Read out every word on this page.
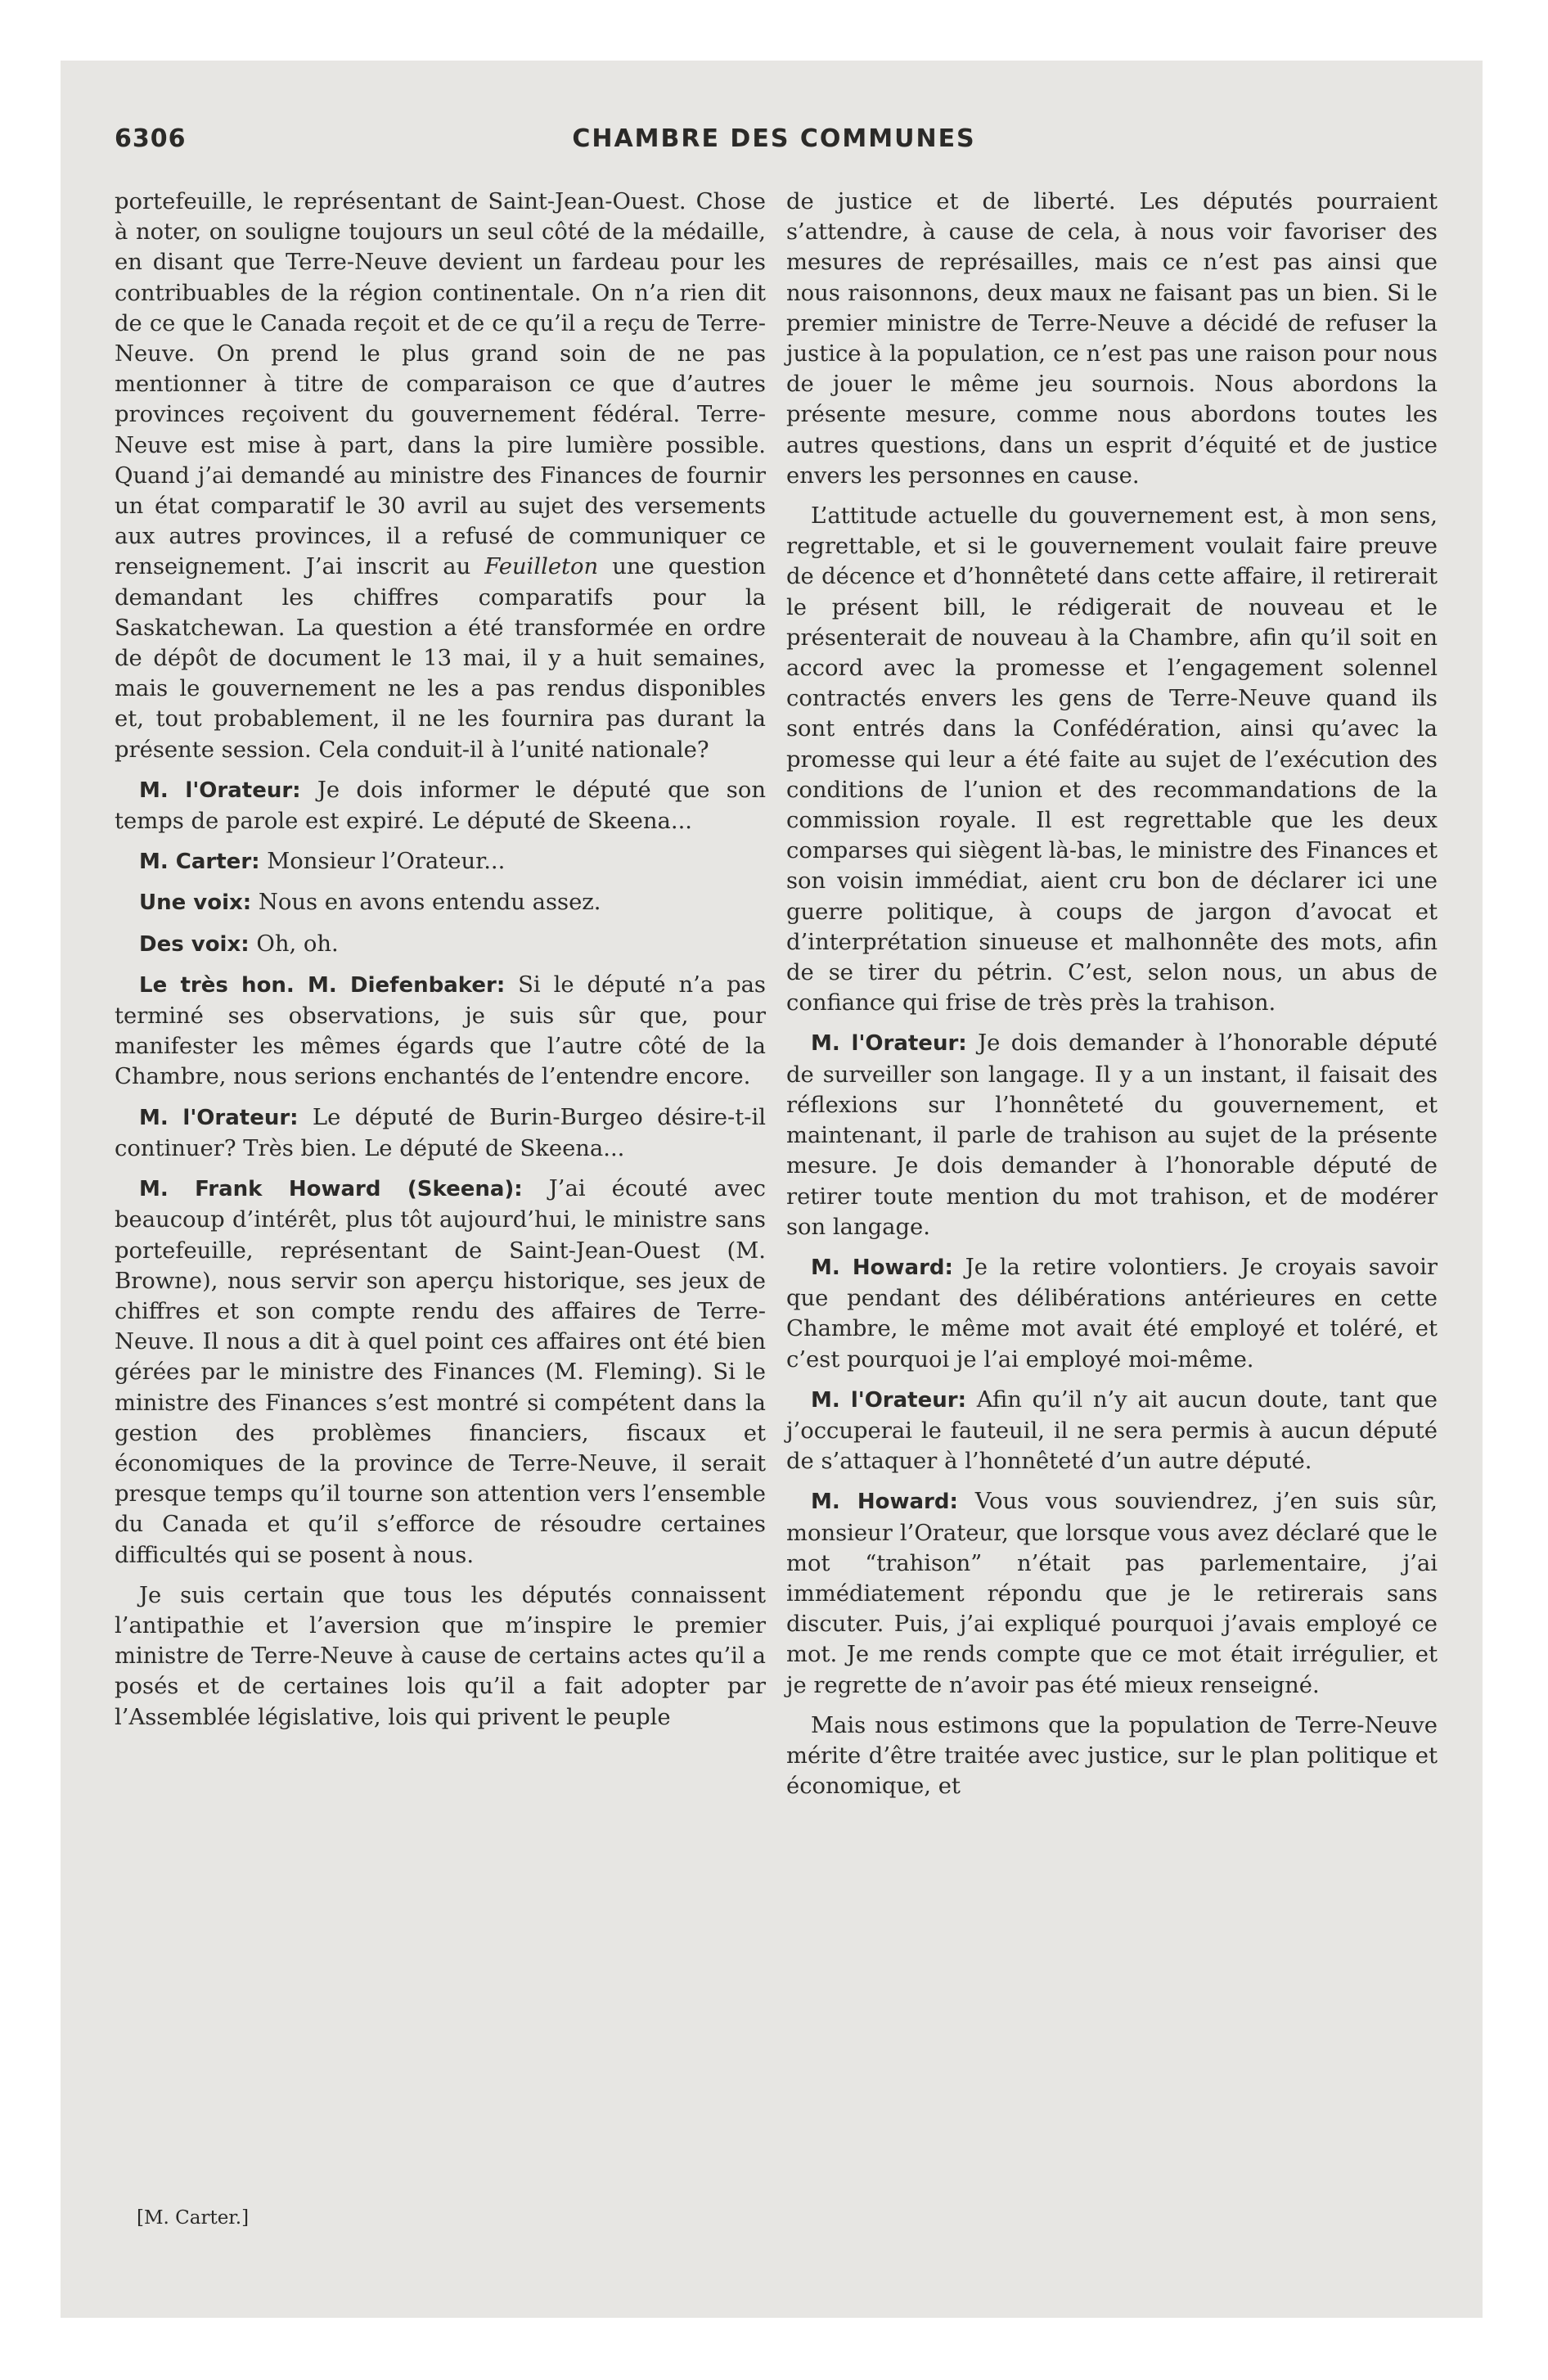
6306	CHAMBRE DES COMMUNES

portefeuille, le représentant de Saint-Jean-Ouest. Chose à noter, on souligne toujours un seul côté de la médaille, en disant que Terre-Neuve devient un fardeau pour les contribuables de la région continentale. On n’a rien dit de ce que le Canada reçoit et de ce qu’il a reçu de Terre-Neuve. On prend le plus grand soin de ne pas mentionner à titre de comparaison ce que d’autres provinces reçoivent du gouvernement fédéral. Terre-Neuve est mise à part, dans la pire lumière possible. Quand j’ai demandé au ministre des Finances de fournir un état comparatif le 30 avril au sujet des versements aux autres provinces, il a refusé de communiquer ce renseignement. J’ai inscrit au Feuilleton une question demandant les chiffres comparatifs pour la Saskatchewan. La question a été transformée en ordre de dépôt de document le 13 mai, il y a huit semaines, mais le gouvernement ne les a pas rendus disponibles et, tout probablement, il ne les fournira pas durant la présente session. Cela conduit-il à l’unité nationale?

M. l'Orateur: Je dois informer le député que son temps de parole est expiré. Le député de Skeena...

M. Carter: Monsieur l’Orateur...

Une voix: Nous en avons entendu assez.

Des voix: Oh, oh.

Le très hon. M. Diefenbaker: Si le député n’a pas terminé ses observations, je suis sûr que, pour manifester les mêmes égards que l’autre côté de la Chambre, nous serions enchantés de l’entendre encore.

M. l'Orateur: Le député de Burin-Burgeo désire-t-il continuer? Très bien. Le député de Skeena...

M. Frank Howard (Skeena): J’ai écouté avec beaucoup d’intérêt, plus tôt aujourd’hui, le ministre sans portefeuille, représentant de Saint-Jean-Ouest (M. Browne), nous servir son aperçu historique, ses jeux de chiffres et son compte rendu des affaires de Terre-Neuve. Il nous a dit à quel point ces affaires ont été bien gérées par le ministre des Finances (M. Fleming). Si le ministre des Finances s’est montré si compétent dans la gestion des problèmes financiers, fiscaux et économiques de la province de Terre-Neuve, il serait presque temps qu’il tourne son attention vers l’ensemble du Canada et qu’il s’efforce de résoudre certaines difficultés qui se posent à nous.

Je suis certain que tous les députés connaissent l’antipathie et l’aversion que m’inspire le premier ministre de Terre-Neuve à cause de certains actes qu’il a posés et de certaines lois qu’il a fait adopter par l’Assemblée législative, lois qui privent le peuple

[M. Carter.]

de justice et de liberté. Les députés pourraient s’attendre, à cause de cela, à nous voir favoriser des mesures de représailles, mais ce n’est pas ainsi que nous raisonnons, deux maux ne faisant pas un bien. Si le premier ministre de Terre-Neuve a décidé de refuser la justice à la population, ce n’est pas une raison pour nous de jouer le même jeu sournois. Nous abordons la présente mesure, comme nous abordons toutes les autres questions, dans un esprit d’équité et de justice envers les personnes en cause.

L’attitude actuelle du gouvernement est, à mon sens, regrettable, et si le gouvernement voulait faire preuve de décence et d’honnêteté dans cette affaire, il retirerait le présent bill, le rédigerait de nouveau et le présenterait de nouveau à la Chambre, afin qu’il soit en accord avec la promesse et l’engagement solennel contractés envers les gens de Terre-Neuve quand ils sont entrés dans la Confédération, ainsi qu’avec la promesse qui leur a été faite au sujet de l’exécution des conditions de l’union et des recommandations de la commission royale. Il est regrettable que les deux comparses qui siègent là-bas, le ministre des Finances et son voisin immédiat, aient cru bon de déclarer ici une guerre politique, à coups de jargon d’avocat et d’interprétation sinueuse et malhonnête des mots, afin de se tirer du pétrin. C’est, selon nous, un abus de confiance qui frise de très près la trahison.

M. l'Orateur: Je dois demander à l’honorable député de surveiller son langage. Il y a un instant, il faisait des réflexions sur l’honnêteté du gouvernement, et maintenant, il parle de trahison au sujet de la présente mesure. Je dois demander à l’honorable député de retirer toute mention du mot trahison, et de modérer son langage.

M. Howard: Je la retire volontiers. Je croyais savoir que pendant des délibérations antérieures en cette Chambre, le même mot avait été employé et toléré, et c’est pourquoi je l’ai employé moi-même.

M. l'Orateur: Afin qu’il n’y ait aucun doute, tant que j’occuperai le fauteuil, il ne sera permis à aucun député de s’attaquer à l’honnêteté d’un autre député.

M. Howard: Vous vous souviendrez, j’en suis sûr, monsieur l’Orateur, que lorsque vous avez déclaré que le mot “trahison” n’était pas parlementaire, j’ai immédiatement répondu que je le retirerais sans discuter. Puis, j’ai expliqué pourquoi j’avais employé ce mot. Je me rends compte que ce mot était irrégulier, et je regrette de n’avoir pas été mieux renseigné.

Mais nous estimons que la population de Terre-Neuve mérite d’être traitée avec justice, sur le plan politique et économique, et
